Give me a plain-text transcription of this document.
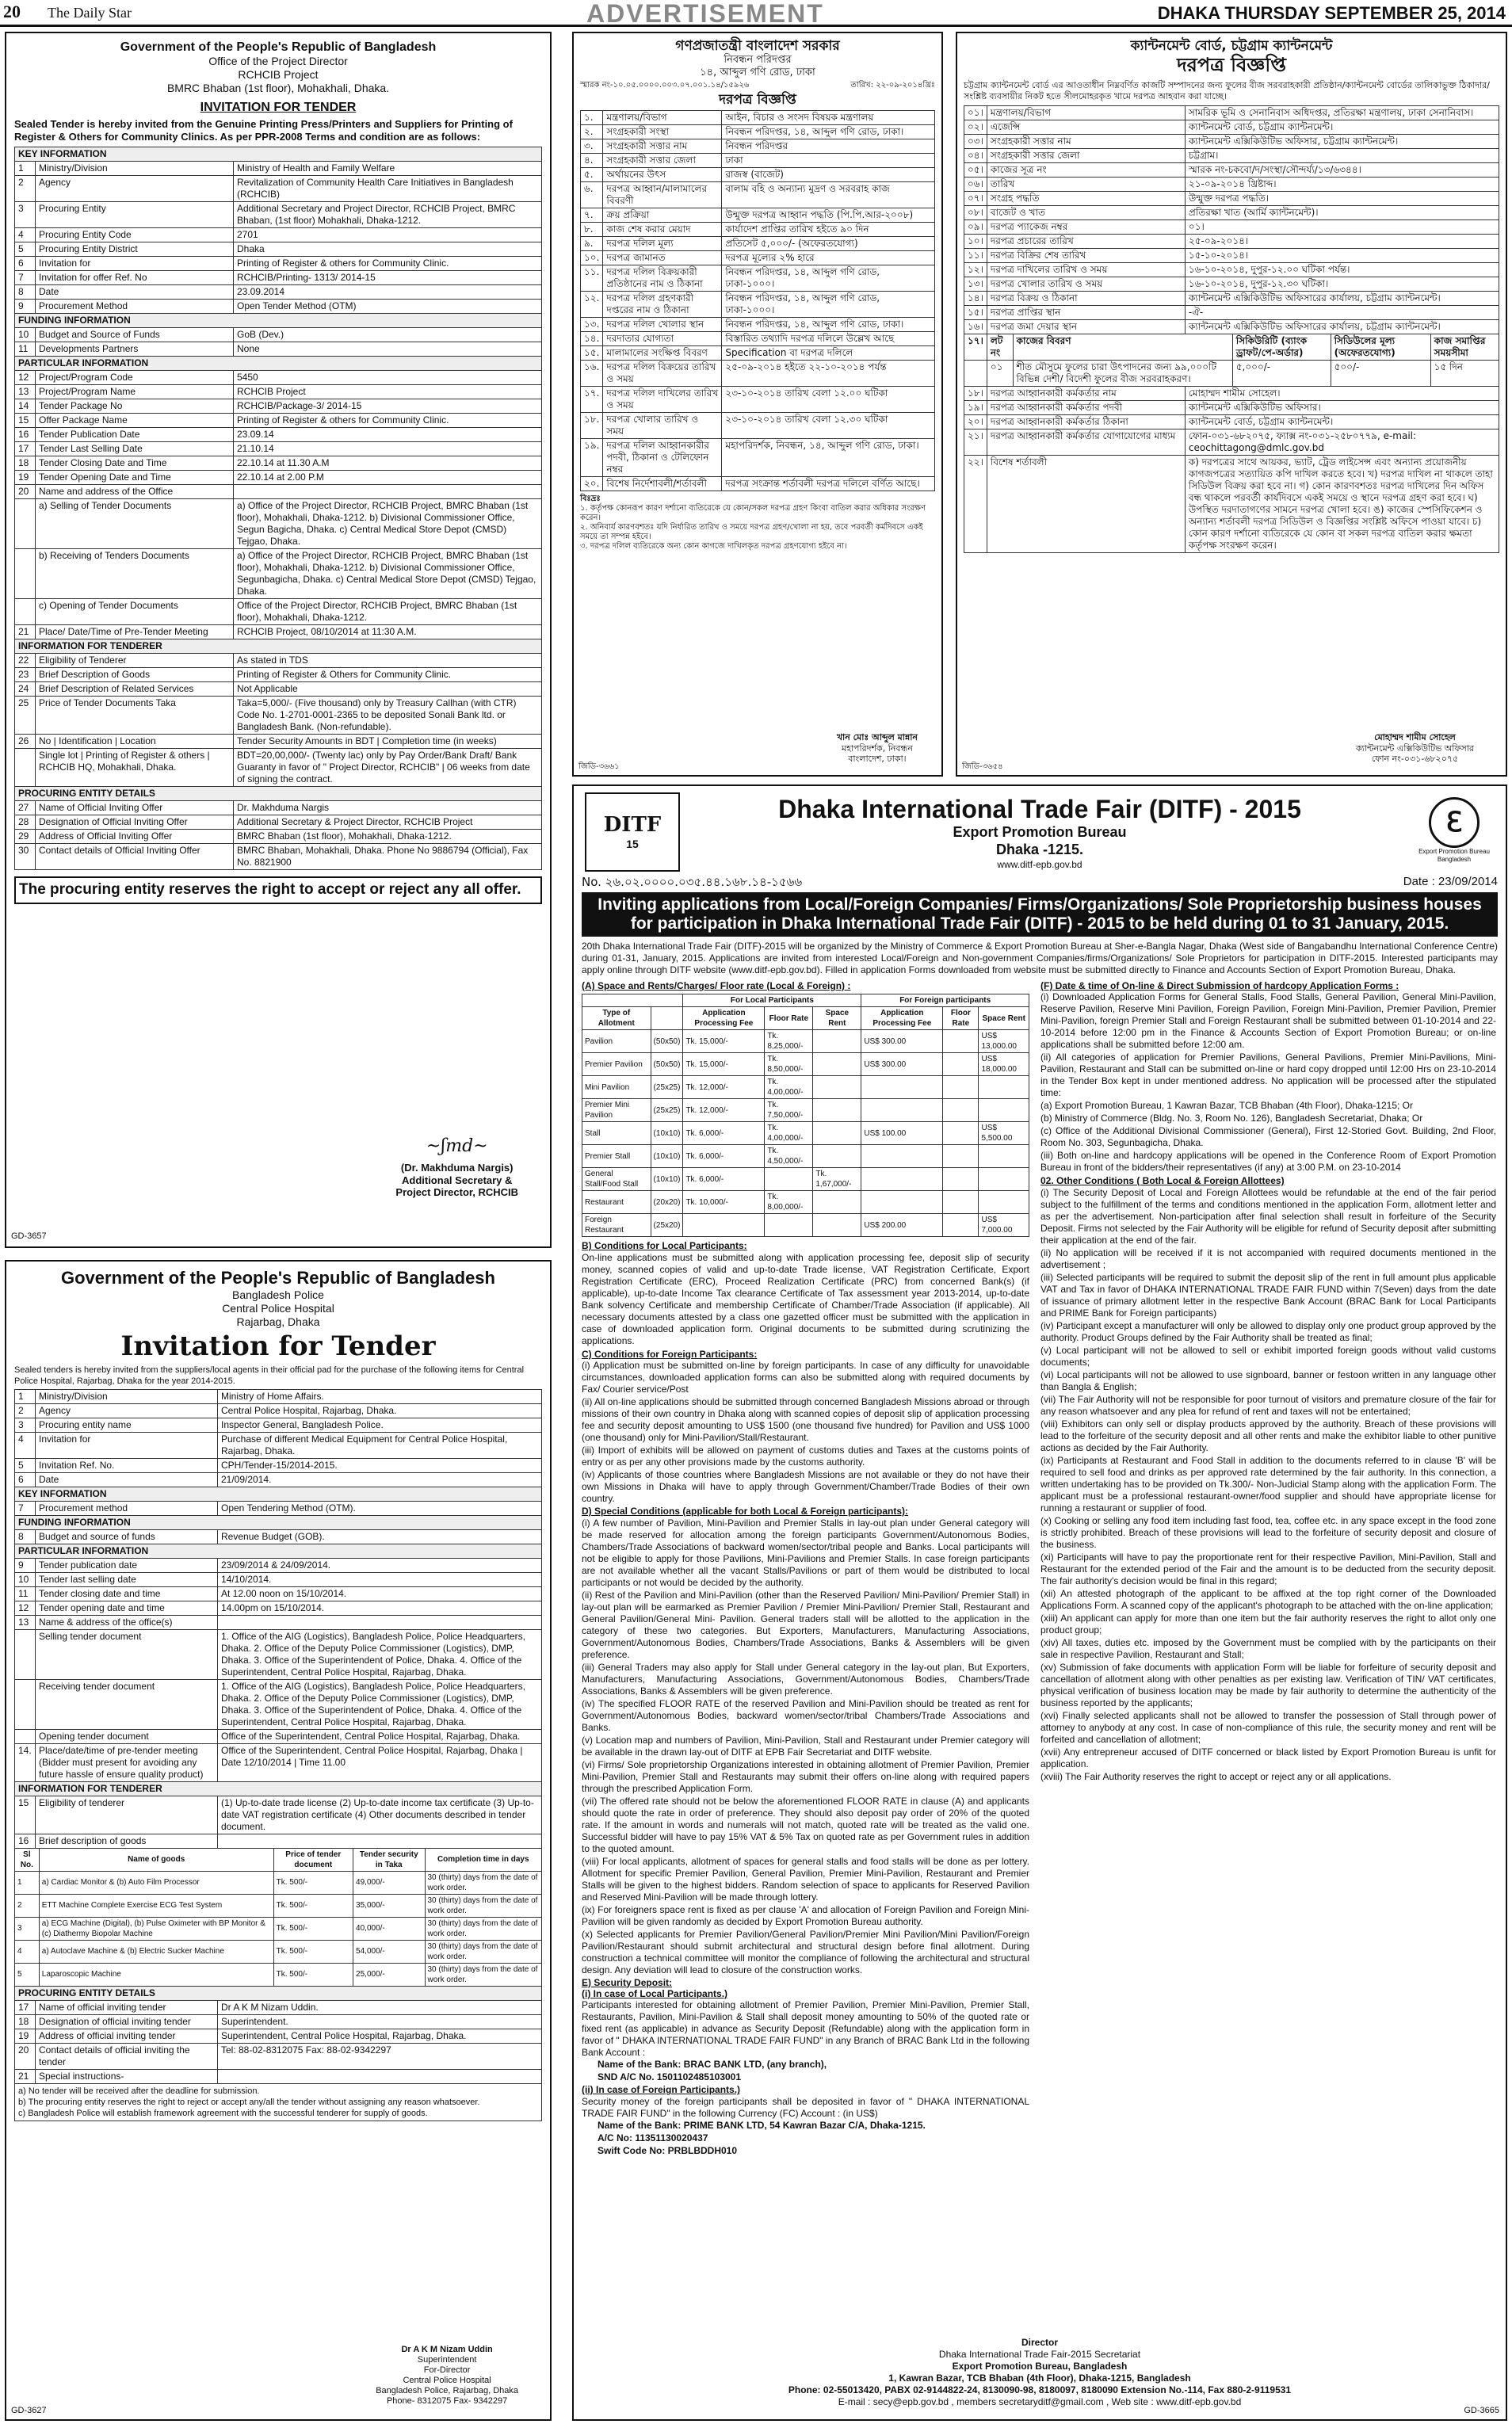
20 The Daily Star	ADVERTISEMENT	DHAKA THURSDAY SEPTEMBER 25, 2014
Government of the People's Republic of Bangladesh
Office of the Project Director
RCHCIB Project
BMRC Bhaban (1st floor), Mohakhali, Dhaka.
INVITATION FOR TENDER
Sealed Tender is hereby invited from the Genuine Printing Press/Printers and Suppliers for Printing of Register & Others for Community Clinics. As per PPR-2008 Terms and condition are as follows:
KEY INFORMATION		
1	Ministry/Division	Ministry of Health and Family Welfare
2	Agency	Revitalization of Community Health Care Initiatives in Bangladesh (RCHCIB)
3	Procuring Entity	Additional Secretary and Project Director, RCHCIB Project, BMRC Bhaban, (1st floor) Mohakhali, Dhaka-1212.
4	Procuring Entity Code	2701
5	Procuring Entity District	Dhaka
6	Invitation for	Printing of Register & others for Community Clinic.
7	Invitation for offer Ref. No	RCHCIB/Printing- 1313/ 2014-15
8	Date	23.09.2014
9	Procurement Method	Open Tender Method (OTM)
FUNDING INFORMATION		
10	Budget and Source of Funds	GoB (Dev.)
11	Developments Partners	None
PARTICULAR INFORMATION		
12	Project/Program Code	5450
13	Project/Program Name	RCHCIB Project
14	Tender Package No	RCHCIB/Package-3/ 2014-15
15	Offer Package Name	Printing of Register & others for Community Clinic.
16	Tender Publication Date	23.09.14
17	Tender Last Selling Date	21.10.14
18	Tender Closing Date and Time	22.10.14 at 11.30 A.M
19	Tender Opening Date and Time	22.10.14 at 2.00 P.M
20	Name and address of the Office	
	a) Selling of Tender Documents	a) Office of the Project Director, RCHCIB Project, BMRC Bhaban (1st floor), Mohakhali, Dhaka-1212. b) Divisional Commissioner Office, Segun Bagicha, Dhaka. c) Central Medical Store Depot (CMSD) Tejgao, Dhaka.
	b) Receiving of Tenders Documents	a) Office of the Project Director, RCHCIB Project, BMRC Bhaban (1st floor), Mohakhali, Dhaka-1212. b) Divisional Commissioner Office, Segunbagicha, Dhaka. c) Central Medical Store Depot (CMSD) Tejgao, Dhaka.
	c) Opening of Tender Documents	Office of the Project Director, RCHCIB Project, BMRC Bhaban (1st floor), Mohakhali, Dhaka-1212.
21	Place/ Date/Time of Pre-Tender Meeting	RCHCIB Project, 08/10/2014 at 11:30 A.M.
INFORMATION FOR TENDERER		
22	Eligibility of Tenderer	As stated in TDS
23	Brief Description of Goods	Printing of Register & Others for Community Clinic.
24	Brief Description of Related Services	Not Applicable
25	Price of Tender Documents Taka	Taka=5,000/- (Five thousand) only by Treasury Callhan (with CTR) Code No. 1-2701-0001-2365 to be deposited Sonali Bank ltd. or Bangladesh Bank. (Non-refundable).
26	No | Identification | Location	Tender Security Amounts in BDT | Completion time (in weeks)
	Single lot | Printing of Register & others | RCHCIB HQ, Mohakhali, Dhaka.	BDT=20,00,000/- (Twenty lac) only by Pay Order/Bank Draft/ Bank Guaranty in favor of " Project Director, RCHCIB" | 06 weeks from date of signing the contract.
PROCURING ENTITY DETAILS		
27	Name of Official Inviting Offer	Dr. Makhduma Nargis
28	Designation of Official Inviting Offer	Additional Secretary & Project Director, RCHCIB Project
29	Address of Official Inviting Offer	BMRC Bhaban (1st floor), Mohakhali, Dhaka-1212.
30	Contact details of Official Inviting Offer	BMRC Bhaban, Mohakhali, Dhaka. Phone No 9886794 (Official), Fax No. 8821900
The procuring entity reserves the right to accept or reject any all offer.
~ʃmd~
(Dr. Makhduma Nargis)
Additional Secretary &
Project Director, RCHCIB
GD-3657
গণপ্রজাতন্ত্রী বাংলাদেশ সরকার
নিবন্ধন পরিদপ্তর
১৪, আব্দুল গণি রোড, ঢাকা
স্মারক নং-১০.০৫.০০০০.০০৩.০৭.০০১.১৪/১৫৯২৬	তারিখ: ২২-০৯-২০১৪খ্রিঃ
দরপত্র বিজ্ঞপ্তি
১.	মন্ত্রণালয়/বিভাগ	আইন, বিচার ও সংসদ বিষয়ক মন্ত্রণালয়
২.	সংগ্রহকারী সংস্থা	নিবন্ধন পরিদপ্তর, ১৪, আব্দুল গণি রোড, ঢাকা।
৩.	সংগ্রহকারী সত্তার নাম	নিবন্ধন পরিদপ্তর
৪.	সংগ্রহকারী সত্তার জেলা	ঢাকা
৫.	অর্থায়নের উৎস	রাজস্ব (বাজেট)
৬.	দরপত্র আহ্বান/মালামালের বিবরণী	বালাম বহি ও অন্যান্য মুদ্রণ ও সরবরাহ কাজ
৭.	ক্রয় প্রক্রিয়া	উন্মুক্ত দরপত্র আহ্বান পদ্ধতি (পি.পি.আর-২০০৮)
৮.	কাজ শেষ করার মেয়াদ	কার্যাদেশ প্রাপ্তির তারিখ হইতে ৯০ দিন
৯.	দরপত্র দলিল মূল্য	প্রতিসেট ৫,০০০/- (অফেরতযোগ্য)
১০.	দরপত্র জামানত	দরপত্র মূল্যের ২% হারে
১১.	দরপত্র দলিল বিক্রয়কারী প্রতিষ্ঠানের নাম ও ঠিকানা	নিবন্ধন পরিদপ্তর, ১৪, আব্দুল গণি রোড, ঢাকা-১০০০।
১২.	দরপত্র দলিল গ্রহণকারী দপ্তরের নাম ও ঠিকানা	নিবন্ধন পরিদপ্তর, ১৪, আব্দুল গণি রোড, ঢাকা-১০০০।
১৩.	দরপত্র দলিল খোলার স্থান	নিবন্ধন পরিদপ্তর, ১৪, আব্দুল গণি রোড, ঢাকা।
১৪.	দরদাতার যোগ্যতা	বিস্তারিত তথ্যাদি দরপত্র দলিলে উল্লেখ আছে
১৫.	মালামালের সংক্ষিপ্ত বিবরণ	Specification বা দরপত্র দলিলে
১৬.	দরপত্র দলিল বিক্রয়ের তারিখ ও সময়	২৫-০৯-২০১৪ হইতে ২২-১০-২০১৪ পর্যন্ত
১৭.	দরপত্র দলিল দাখিলের তারিখ ও সময়	২৩-১০-২০১৪ তারিখ বেলা ১২.০০ ঘটিকা
১৮.	দরপত্র খোলার তারিখ ও সময়	২৩-১০-২০১৪ তারিখ বেলা ১২.৩০ ঘটিকা
১৯.	দরপত্র দলিল আহ্বানকারীর পদবী, ঠিকানা ও টেলিফোন নম্বর	মহাপরিদর্শক, নিবন্ধন, ১৪, আব্দুল গণি রোড, ঢাকা।
২০.	বিশেষ নির্দেশাবলী/শর্তাবলী	দরপত্র সংক্রান্ত শর্তাবলী দরপত্র দলিলে বর্ণিত আছে।
বিঃদ্রঃ
১. কর্তৃপক্ষ কোনরূপ কারণ দর্শানো ব্যতিরেকে যে কোন/সকল দরপত্র গ্রহণ কিংবা বাতিল করার অধিকার সংরক্ষণ করেন।
২. অনিবার্য কারণবশতঃ যদি নির্ধারিত তারিখ ও সময়ে দরপত্র গ্রহণ/খোলা না হয়, তবে পরবর্তী কর্মদিবসে একই সময়ে তা সম্পন্ন হইবে।
৩. দরপত্র দলিল ব্যতিরেকে অন্য কোন কাগজে দাখিলকৃত দরপত্র গ্রহণযোগ্য হইবে না।
খান মোঃ আব্দুল মান্নান
মহাপরিদর্শক, নিবন্ধন
বাংলাদেশ, ঢাকা।
জিডি-৩৬৬১
ক্যান্টনমেন্ট বোর্ড, চট্টগ্রাম ক্যান্টনমেন্ট
দরপত্র বিজ্ঞপ্তি
চট্টগ্রাম ক্যান্টনমেন্ট বোর্ড এর আওতাধীন নিম্নবর্ণিত কাজটি সম্পাদনের জন্য ফুলের বীজ সরবরাহকারী প্রতিষ্ঠান/ক্যান্টনমেন্ট বোর্ডের তালিকাভুক্ত ঠিকাদার/সংশ্লিষ্ট ব্যবসায়ীর নিকট হতে সীলমোহরকৃত খামে দরপত্র আহবান করা যাচ্ছে।
০১।	মন্ত্রণালয়/বিভাগ	সামরিক ভূমি ও সেনানিবাস অধিদপ্তর, প্রতিরক্ষা মন্ত্রণালয়, ঢাকা সেনানিবাস।
০২।	এজেন্সি	ক্যান্টনমেন্ট বোর্ড, চট্টগ্রাম ক্যান্টনমেন্ট।
০৩।	সংগ্রহকারী সত্তার নাম	ক্যান্টনমেন্ট এক্সিকিউটিভ অফিসার, চট্টগ্রাম ক্যান্টনমেন্ট।
০৪।	সংগ্রহকারী সত্তার জেলা	চট্টগ্রাম।
০৫।	কাজের সূত্র নং	স্মারক নং-চকবো/দ/সংস্থা/সৌন্দর্য্য/১৩/৬৩৪৪।
০৬।	তারিখ	২১-০৯-২০১৪ খ্রিষ্টাব্দ।
০৭।	সংগ্রহ পদ্ধতি	উন্মুক্ত দরপত্র পদ্ধতি।
০৮।	বাজেট ও খাত	প্রতিরক্ষা খাত (আর্মি ক্যান্টনমেন্ট)।
০৯।	দরপত্র প্যাকেজ নম্বর	০১।
১০।	দরপত্র প্রচারের তারিখ	২৫-০৯-২০১৪।
১১।	দরপত্র বিক্রির শেষ তারিখ	১৫-১০-২০১৪।
১২।	দরপত্র দাখিলের তারিখ ও সময়	১৬-১০-২০১৪, দুপুর-১২.০০ ঘটিকা পর্যন্ত।
১৩।	দরপত্র খোলার তারিখ ও সময়	১৬-১০-২০১৪, দুপুর-১২.৩০ ঘটিকা।
১৪।	দরপত্র বিক্রয় ও ঠিকানা	ক্যান্টনমেন্ট এক্সিকিউটিভ অফিসারের কার্যালয়, চট্টগ্রাম ক্যান্টনমেন্ট।
১৫।	দরপত্র প্রাপ্তির স্থান	-ঐ-
১৬।	দরপত্র জমা দেয়ার স্থান	ক্যান্টনমেন্ট এক্সিকিউটিভ অফিসারের কার্যালয়, চট্টগ্রাম ক্যান্টনমেন্ট।
১৭।	লট নং	কাজের বিবরণ	সিকিউরিটি (ব্যাংক ড্রাফট/পে-অর্ডার)	সিডিউলের মূল্য (অফেরতযোগ্য)	কাজ সমাপ্তির সময়সীমা
	০১	শীত মৌসুমে ফুলের চারা উৎপাদনের জন্য ৯৯,০০০টি বিভিন্ন দেশী/ বিদেশী ফুলের বীজ সরবরাহকরণ।	৫,০০০/-	৫০০/-	১৫ দিন
১৮।	দরপত্র আহ্বানকারী কর্মকর্তার নাম	মোহাম্মদ শামীম সোহেল।
১৯।	দরপত্র আহ্বানকারী কর্মকর্তার পদবী	ক্যান্টনমেন্ট এক্সিকিউটিভ অফিসার।
২০।	দরপত্র আহ্বানকারী কর্মকর্তার ঠিকানা	ক্যান্টনমেন্ট বোর্ড, চট্টগ্রাম ক্যান্টনমেন্ট।
২১।	দরপত্র আহ্বানকারী কর্মকর্তার যোগাযোগের মাধ্যম	ফোন-০৩১-৬৮২০৭৫, ফ্যাক্স নং-০৩১-২৫৮০৭৭৯, e-mail: ceochittagong@dmlc.gov.bd
২২।	বিশেষ শর্তাবলী	ক) দরপত্রের সাথে আয়কর, ভ্যাট, ট্রেড লাইসেন্স এবং অন্যান্য প্রয়োজনীয় কাগজপত্রের সত্যায়িত কপি দাখিল করতে হবে। খ) দরপত্র দাখিল না থাকলে তাহা সিডিউল বিক্রয় করা হবে না। গ) কোন কারণবশতঃ দরপত্র দাখিলের দিন অফিস বন্ধ থাকলে পরবর্তী কার্যদিবসে একই সময়ে ও স্থানে দরপত্র গ্রহণ করা হবে। ঘ) উপস্থিত দরদাতাগণের সামনে দরপত্র খোলা হবে। ঙ) কাজের স্পেসিফিকেশন ও অন্যান্য শর্তাবলী দরপত্র সিডিউল ও বিজ্ঞপ্তির সংশ্লিষ্ট অফিসে পাওয়া যাবে। চ) কোন কারণ দর্শানো ব্যতিরেকে যে কোন বা সকল দরপত্র বাতিল করার ক্ষমতা কর্তৃপক্ষ সংরক্ষণ করেন।
মোহাম্মদ শামীম সোহেল
ক্যান্টনমেন্ট এক্সিকিউটিভ অফিসার
ফোন নং-০৩১-৬৮২০৭৫
জিডি-৩৬৫৪
Government of the People's Republic of Bangladesh
Bangladesh Police
Central Police Hospital
Rajarbag, Dhaka
Invitation for Tender
Sealed tenders is hereby invited from the suppliers/local agents in their official pad for the purchase of the following items for Central Police Hospital, Rajarbag, Dhaka for the year 2014-2015.
1	Ministry/Division	Ministry of Home Affairs.
2	Agency	Central Police Hospital, Rajarbag, Dhaka.
3	Procuring entity name	Inspector General, Bangladesh Police.
4	Invitation for	Purchase of different Medical Equipment for Central Police Hospital, Rajarbag, Dhaka.
5	Invitation Ref. No.	CPH/Tender-15/2014-2015.
6	Date	21/09/2014.
KEY INFORMATION		
7	Procurement method	Open Tendering Method (OTM).
FUNDING INFORMATION		
8	Budget and source of funds	Revenue Budget (GOB).
PARTICULAR INFORMATION		
9	Tender publication date	23/09/2014 & 24/09/2014.
10	Tender last selling date	14/10/2014.
11	Tender closing date and time	At 12.00 noon on 15/10/2014.
12	Tender opening date and time	14.00pm on 15/10/2014.
13	Name & address of the office(s)	
	Selling tender document	1. Office of the AIG (Logistics), Bangladesh Police, Police Headquarters, Dhaka. 2. Office of the Deputy Police Commissioner (Logistics), DMP, Dhaka. 3. Office of the Superintendent of Police, Dhaka. 4. Office of the Superintendent, Central Police Hospital, Rajarbag, Dhaka.
	Receiving tender document	1. Office of the AIG (Logistics), Bangladesh Police, Police Headquarters, Dhaka. 2. Office of the Deputy Police Commissioner (Logistics), DMP, Dhaka. 3. Office of the Superintendent of Police, Dhaka. 4. Office of the Superintendent, Central Police Hospital, Rajarbag, Dhaka.
	Opening tender document	Office of the Superintendent, Central Police Hospital, Rajarbag, Dhaka.
14.	Place/date/time of pre-tender meeting (Bidder must present for avoiding any future hassle of ensure quality product)	Office of the Superintendent, Central Police Hospital, Rajarbag, Dhaka | Date 12/10/2014 | Time 11.00
INFORMATION FOR TENDERER		
15	Eligibility of tenderer	(1) Up-to-date trade license (2) Up-to-date income tax certificate (3) Up-to-date VAT registration certificate (4) Other documents described in tender document.
16	Brief description of goods	
Sl No.	Name of goods	Price of tender document	Tender security in Taka	Completion time in days
1	a) Cardiac Monitor & (b) Auto Film Processor	Tk. 500/-	49,000/-	30 (thirty) days from the date of work order.
2	ETT Machine Complete Exercise ECG Test System	Tk. 500/-	35,000/-	30 (thirty) days from the date of work order.
3	a) ECG Machine (Digital), (b) Pulse Oximeter with BP Monitor & (c) Diathermy Biopolar Machine	Tk. 500/-	40,000/-	30 (thirty) days from the date of work order.
4	a) Autoclave Machine & (b) Electric Sucker Machine	Tk. 500/-	54,000/-	30 (thirty) days from the date of work order.
5	Laparoscopic Machine	Tk. 500/-	25,000/-	30 (thirty) days from the date of work order.
PROCURING ENTITY DETAILS		
17	Name of official inviting tender	Dr A K M Nizam Uddin.
18	Designation of official inviting tender	Superintendent.
19	Address of official inviting tender	Superintendent, Central Police Hospital, Rajarbag, Dhaka.
20	Contact details of official inviting the tender	Tel: 88-02-8312075 Fax: 88-02-9342297
21	Special instructions-	
a) No tender will be received after the deadline for submission.
b) The procuring entity reserves the right to reject or accept any/all the tender without assigning any reason whatsoever.
c) Bangladesh Police will establish framework agreement with the successful tenderer for supply of goods.
Dr A K M Nizam Uddin
Superintendent
For-Director
Central Police Hospital
Bangladesh Police, Rajarbag, Dhaka
Phone- 8312075 Fax- 9342297
GD-3627
DITF
15
ℇ
Export Promotion Bureau Bangladesh
Dhaka International Trade Fair (DITF) - 2015
Export Promotion Bureau
Dhaka -1215.
www.ditf-epb.gov.bd
No. ২৬.০২.০০০০.০৩৫.৪৪.১৬৮.১৪-১৫৬৬	Date : 23/09/2014
Inviting applications from Local/Foreign Companies/ Firms/Organizations/ Sole Proprietorship business houses for participation in Dhaka International Trade Fair (DITF) - 2015 to be held during 01 to 31 January, 2015.
20th Dhaka International Trade Fair (DITF)-2015 will be organized by the Ministry of Commerce & Export Promotion Bureau at Sher-e-Bangla Nagar, Dhaka (West side of Bangabandhu International Conference Centre) during 01-31, January, 2015. Applications are invited from interested Local/Foreign and Non-government Companies/firms/Organizations/ Sole Proprietors for participation in DITF-2015. Interested participants may apply online through DITF website (www.ditf-epb.gov.bd). Filled in application Forms downloaded from website must be submitted directly to Finance and Accounts Section of Export Promotion Bureau, Dhaka.
(A) Space and Rents/Charges/ Floor rate (Local & Foreign) :
		For Local Participants			For Foreign participants		
Type of Allotment		Application Processing Fee	Floor Rate	Space Rent	Application Processing Fee	Floor Rate	Space Rent
Pavilion	(50x50)	Tk. 15,000/-	Tk. 8,25,000/-		US$ 300.00		US$ 13,000.00
Premier Pavilion	(50x50)	Tk. 15,000/-	Tk. 8,50,000/-		US$ 300.00		US$ 18,000.00
Mini Pavilion	(25x25)	Tk. 12,000/-	Tk. 4,00,000/-				
Premier Mini Pavilion	(25x25)	Tk. 12,000/-	Tk. 7,50,000/-				
Stall	(10x10)	Tk. 6,000/-	Tk. 4,00,000/-		US$ 100.00		US$ 5,500.00
Premier Stall	(10x10)	Tk. 6,000/-	Tk. 4,50,000/-				
General Stall/Food Stall	(10x10)	Tk. 6,000/-		Tk. 1,67,000/-			
Restaurant	(20x20)	Tk. 10,000/-	Tk. 8,00,000/-				
Foreign Restaurant	(25x20)				US$ 200.00		US$ 7,000.00
B) Conditions for Local Participants:
On-line applications must be submitted along with application processing fee, deposit slip of security money, scanned copies of valid and up-to-date Trade license, VAT Registration Certificate, Export Registration Certificate (ERC), Proceed Realization Certificate (PRC) from concerned Bank(s) (if applicable), up-to-date Income Tax clearance Certificate of Tax assessment year 2013-2014, up-to-date Bank solvency Certificate and membership Certificate of Chamber/Trade Association (if applicable). All necessary documents attested by a class one gazetted officer must be submitted with the application in case of downloaded application form. Original documents to be submitted during scrutinizing the applications.
C) Conditions for Foreign Participants:
(i) Application must be submitted on-line by foreign participants. In case of any difficulty for unavoidable circumstances, downloaded application forms can also be submitted along with required documents by Fax/ Courier service/Post
(ii) All on-line applications should be submitted through concerned Bangladesh Missions abroad or through missions of their own country in Dhaka along with scanned copies of deposit slip of application processing fee and security deposit amounting to US$ 1500 (one thousand five hundred) for Pavilion and US$ 1000 (one thousand) only for Mini-Pavilion/Stall/Restaurant.
(iii) Import of exhibits will be allowed on payment of customs duties and Taxes at the customs points of entry or as per any other provisions made by the customs authority.
(iv) Applicants of those countries where Bangladesh Missions are not available or they do not have their own Missions in Dhaka will have to apply through Government/Chamber/Trade Bodies of their own country.
D) Special Conditions (applicable for both Local & Foreign participants):
(i) A few number of Pavilion, Mini-Pavilion and Premier Stalls in lay-out plan under General category will be made reserved for allocation among the foreign participants Government/Autonomous Bodies, Chambers/Trade Associations of backward women/sector/tribal people and Banks. Local participants will not be eligible to apply for those Pavilions, Mini-Pavilions and Premier Stalls. In case foreign participants are not available whether all the vacant Stalls/Pavilions or part of them would be distributed to local participants or not would be decided by the authority.
(ii) Rest of the Pavilion and Mini-Pavilion (other than the Reserved Pavilion/ Mini-Pavilion/ Premier Stall) in lay-out plan will be earmarked as Premier Pavilion / Premier Mini-Pavilion/ Premier Stall, Restaurant and General Pavilion/General Mini- Pavilion. General traders stall will be allotted to the application in the category of these two categories. But Exporters, Manufacturers, Manufacturing Associations, Government/Autonomous Bodies, Chambers/Trade Associations, Banks & Assemblers will be given preference.
(iii) General Traders may also apply for Stall under General category in the lay-out plan, But Exporters, Manufacturers, Manufacturing Associations, Government/Autonomous Bodies, Chambers/Trade Associations, Banks & Assemblers will be given preference.
(iv) The specified FLOOR RATE of the reserved Pavilion and Mini-Pavilion should be treated as rent for Government/Autonomous Bodies, backward women/sector/tribal Chambers/Trade Associations and Banks.
(v) Location map and numbers of Pavilion, Mini-Pavilion, Stall and Restaurant under Premier category will be available in the drawn lay-out of DITF at EPB Fair Secretariat and DITF website.
(vi) Firms/ Sole proprietorship Organizations interested in obtaining allotment of Premier Pavilion, Premier Mini-Pavilion, Premier Stall and Restaurants may submit their offers on-line along with required papers through the prescribed Application Form.
(vii) The offered rate should not be below the aforementioned FLOOR RATE in clause (A) and applicants should quote the rate in order of preference. They should also deposit pay order of 20% of the quoted rate. If the amount in words and numerals will not match, quoted rate will be treated as the valid one. Successful bidder will have to pay 15% VAT & 5% Tax on quoted rate as per Government rules in addition to the quoted amount.
(viii) For local applicants, allotment of spaces for general stalls and food stalls will be done as per lottery. Allotment for specific Premier Pavilion, General Pavilion, Premier Mini-Pavilion, Restaurant and Premier Stalls will be given to the highest bidders. Random selection of space to applicants for Reserved Pavilion and Reserved Mini-Pavilion will be made through lottery.
(ix) For foreigners space rent is fixed as per clause 'A' and allocation of Foreign Pavilion and Foreign Mini-Pavilion will be given randomly as decided by Export Promotion Bureau authority.
(x) Selected applicants for Premier Pavilion/General Pavilion/Premier Mini Pavilion/Mini Pavilion/Foreign Pavilion/Restaurant should submit architectural and structural design before final allotment. During construction a technical committee will monitor the compliance of following the architectural and structural design. Any deviation will lead to closure of the construction works.
E) Security Deposit:
(i) In case of Local Participants.)
Participants interested for obtaining allotment of Premier Pavilion, Premier Mini-Pavilion, Premier Stall, Restaurants, Pavilion, Mini-Pavilion & Stall shall deposit money amounting to 50% of the quoted rate or fixed rent (as applicable) in advance as Security Deposit (Refundable) along with the application form in favor of " DHAKA INTERNATIONAL TRADE FAIR FUND" in any Branch of BRAC Bank Ltd in the following Bank Account :
Name of the Bank: BRAC BANK LTD, (any branch),
SND A/C No. 1501102485103001
(ii) In case of Foreign Participants.)
Security money of the foreign participants shall be deposited in favor of " DHAKA INTERNATIONAL TRADE FAIR FUND" in the following Currency (FC) Account : (in US$)
Name of the Bank: PRIME BANK LTD, 54 Kawran Bazar C/A, Dhaka-1215.
A/C No: 11351130020437
Swift Code No: PRBLBDDH010
(F) Date & time of On-line & Direct Submission of hardcopy Application Forms :
(i) Downloaded Application Forms for General Stalls, Food Stalls, General Pavilion, General Mini-Pavilion, Reserve Pavilion, Reserve Mini Pavilion, Foreign Pavilion, Foreign Mini-Pavilion, Premier Pavilion, Premier Mini-Pavilion, foreign Premier Stall and Foreign Restaurant shall be submitted between 01-10-2014 and 22-10-2014 before 12:00 pm in the Finance & Accounts Section of Export Promotion Bureau; or on-line applications shall be submitted before 12:00 am.
(ii) All categories of application for Premier Pavilions, General Pavilions, Premier Mini-Pavilions, Mini-Pavilion, Restaurant and Stall can be submitted on-line or hard copy dropped until 12:00 Hrs on 23-10-2014 in the Tender Box kept in under mentioned address. No application will be processed after the stipulated time:
(a) Export Promotion Bureau, 1 Kawran Bazar, TCB Bhaban (4th Floor), Dhaka-1215; Or
(b) Ministry of Commerce (Bldg. No. 3, Room No. 126), Bangladesh Secretariat, Dhaka; Or
(c) Office of the Additional Divisional Commissioner (General), First 12-Storied Govt. Building, 2nd Floor, Room No. 303, Segunbagicha, Dhaka.
(iii) Both on-line and hardcopy applications will be opened in the Conference Room of Export Promotion Bureau in front of the bidders/their representatives (if any) at 3:00 P.M. on 23-10-2014
02. Other Conditions ( Both Local & Foreign Allottees)
(i) The Security Deposit of Local and Foreign Allottees would be refundable at the end of the fair period subject to the fulfillment of the terms and conditions mentioned in the application Form, allotment letter and as per the advertisement. Non-participation after final selection shall result in forfeiture of the Security Deposit. Firms not selected by the Fair Authority will be eligible for refund of Security deposit after submitting their application at the end of the fair.
(ii) No application will be received if it is not accompanied with required documents mentioned in the advertisement ;
(iii) Selected participants will be required to submit the deposit slip of the rent in full amount plus applicable VAT and Tax in favor of DHAKA INTERNATIONAL TRADE FAIR FUND within 7(Seven) days from the date of issuance of primary allotment letter in the respective Bank Account (BRAC Bank for Local Participants and PRIME Bank for Foreign participants)
(iv) Participant except a manufacturer will only be allowed to display only one product group approved by the authority. Product Groups defined by the Fair Authority shall be treated as final;
(v) Local participant will not be allowed to sell or exhibit imported foreign goods without valid customs documents;
(vi) Local participants will not be allowed to use signboard, banner or festoon written in any language other than Bangla & English;
(vii) The Fair Authority will not be responsible for poor turnout of visitors and premature closure of the fair for any reason whatsoever and any plea for refund of rent and taxes will not be entertained;
(viii) Exhibitors can only sell or display products approved by the authority. Breach of these provisions will lead to the forfeiture of the security deposit and all other rents and make the exhibitor liable to other punitive actions as decided by the Fair Authority.
(ix) Participants at Restaurant and Food Stall in addition to the documents referred to in clause 'B' will be required to sell food and drinks as per approved rate determined by the fair authority. In this connection, a written undertaking has to be provided on Tk.300/- Non-Judicial Stamp along with the application Form. The applicant must be a professional restaurant-owner/food supplier and should have appropriate license for running a restaurant or supplier of food.
(x) Cooking or selling any food item including fast food, tea, coffee etc. in any space except in the food zone is strictly prohibited. Breach of these provisions will lead to the forfeiture of security deposit and closure of the business.
(xi) Participants will have to pay the proportionate rent for their respective Pavilion, Mini-Pavilion, Stall and Restaurant for the extended period of the Fair and the amount is to be deducted from the security deposit. The fair authority's decision would be final in this regard;
(xii) An attested photograph of the applicant to be affixed at the top right corner of the Downloaded Applications Form. A scanned copy of the applicant's photograph to be attached with the on-line application;
(xiii) An applicant can apply for more than one item but the fair authority reserves the right to allot only one product group;
(xiv) All taxes, duties etc. imposed by the Government must be complied with by the participants on their sale in respective Pavilion, Restaurant and Stall;
(xv) Submission of fake documents with application Form will be liable for forfeiture of security deposit and cancellation of allotment along with other penalties as per existing law. Verification of TIN/ VAT certificates, physical verification of business location may be made by fair authority to determine the authenticity of the business reported by the applicants;
(xvi) Finally selected applicants shall not be allowed to transfer the possession of Stall through power of attorney to anybody at any cost. In case of non-compliance of this rule, the security money and rent will be forfeited and cancellation of allotment;
(xvii) Any entrepreneur accused of DITF concerned or black listed by Export Promotion Bureau is unfit for application.
(xviii) The Fair Authority reserves the right to accept or reject any or all applications.
Director
Dhaka International Trade Fair-2015 Secretariat
Export Promotion Bureau, Bangladesh
1, Kawran Bazar, TCB Bhaban (4th Floor), Dhaka-1215, Bangladesh
Phone: 02-55013420, PABX 02-9144822-24, 8130090-98, 8180097, 8180090 Extension No.-114, Fax 880-2-9119531
E-mail : secy@epb.gov.bd , members secretaryditf@gmail.com , Web site : www.ditf-epb.gov.bd
GD-3665
